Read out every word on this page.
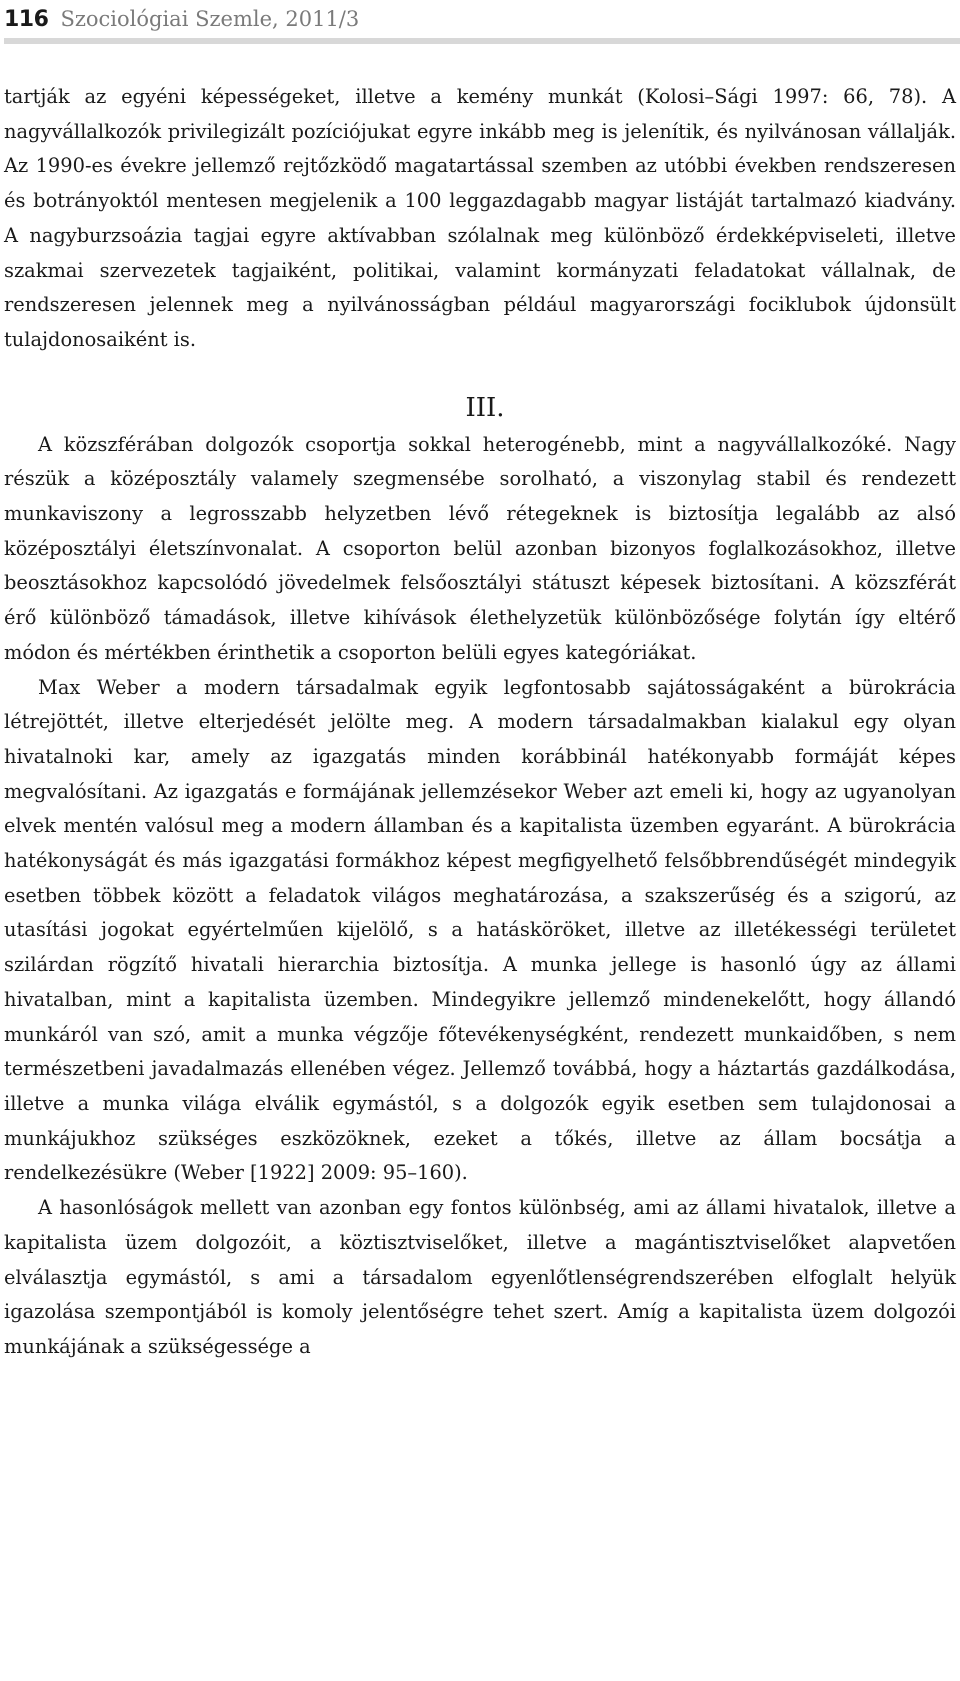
116 Szociológiai Szemle, 2011/3

tartják az egyéni képességeket, illetve a kemény munkát (Kolosi–Sági 1997: 66, 78). A nagyvállalkozók privilegizált pozíciójukat egyre inkább meg is jelenítik, és nyilvánosan vállalják. Az 1990-es évekre jellemző rejtőzködő magatartással szemben az utóbbi években rendszeresen és botrányoktól mentesen megjelenik a 100 leggazdagabb magyar listáját tartalmazó kiadvány. A nagyburzsoázia tagjai egyre aktívabban szólalnak meg különböző érdekképviseleti, illetve szakmai szervezetek tagjaiként, politikai, valamint kormányzati feladatokat vállalnak, de rendszeresen jelennek meg a nyilvánosságban például magyarországi fociklubok újdonsült tulajdonosaiként is.

III.

A közszférában dolgozók csoportja sokkal heterogénebb, mint a nagyvállalkozóké. Nagy részük a középosztály valamely szegmensébe sorolható, a viszonylag stabil és rendezett munkaviszony a legrosszabb helyzetben lévő rétegeknek is biztosítja legalább az alsó középosztályi életszínvonalat. A csoporton belül azonban bizonyos foglalkozásokhoz, illetve beosztásokhoz kapcsolódó jövedelmek felsőosztályi státuszt képesek biztosítani. A közszférát érő különböző támadások, illetve kihívások élethelyzetük különbözősége folytán így eltérő módon és mértékben érinthetik a csoporton belüli egyes kategóriákat.

Max Weber a modern társadalmak egyik legfontosabb sajátosságaként a bürokrácia létrejöttét, illetve elterjedését jelölte meg. A modern társadalmakban kialakul egy olyan hivatalnoki kar, amely az igazgatás minden korábbinál hatékonyabb formáját képes megvalósítani. Az igazgatás e formájának jellemzésekor Weber azt emeli ki, hogy az ugyanolyan elvek mentén valósul meg a modern államban és a kapitalista üzemben egyaránt. A bürokrácia hatékonyságát és más igazgatási formákhoz képest megfigyelhető felsőbbrendűségét mindegyik esetben többek között a feladatok világos meghatározása, a szakszerűség és a szigorú, az utasítási jogokat egyértelműen kijelölő, s a hatásköröket, illetve az illetékességi területet szilárdan rögzítő hivatali hierarchia biztosítja. A munka jellege is hasonló úgy az állami hivatalban, mint a kapitalista üzemben. Mindegyikre jellemző mindenekelőtt, hogy állandó munkáról van szó, amit a munka végzője főtevékenységként, rendezett munkaidőben, s nem természetbeni javadalmazás ellenében végez. Jellemző továbbá, hogy a háztartás gazdálkodása, illetve a munka világa elválik egymástól, s a dolgozók egyik esetben sem tulajdonosai a munkájukhoz szükséges eszközöknek, ezeket a tőkés, illetve az állam bocsátja a rendelkezésükre (Weber [1922] 2009: 95–160).

A hasonlóságok mellett van azonban egy fontos különbség, ami az állami hivatalok, illetve a kapitalista üzem dolgozóit, a köztisztviselőket, illetve a magántisztviselőket alapvetően elválasztja egymástól, s ami a társadalom egyenlőtlenségrendszerében elfoglalt helyük igazolása szempontjából is komoly jelentőségre tehet szert. Amíg a kapitalista üzem dolgozói munkájának a szükségessége a
